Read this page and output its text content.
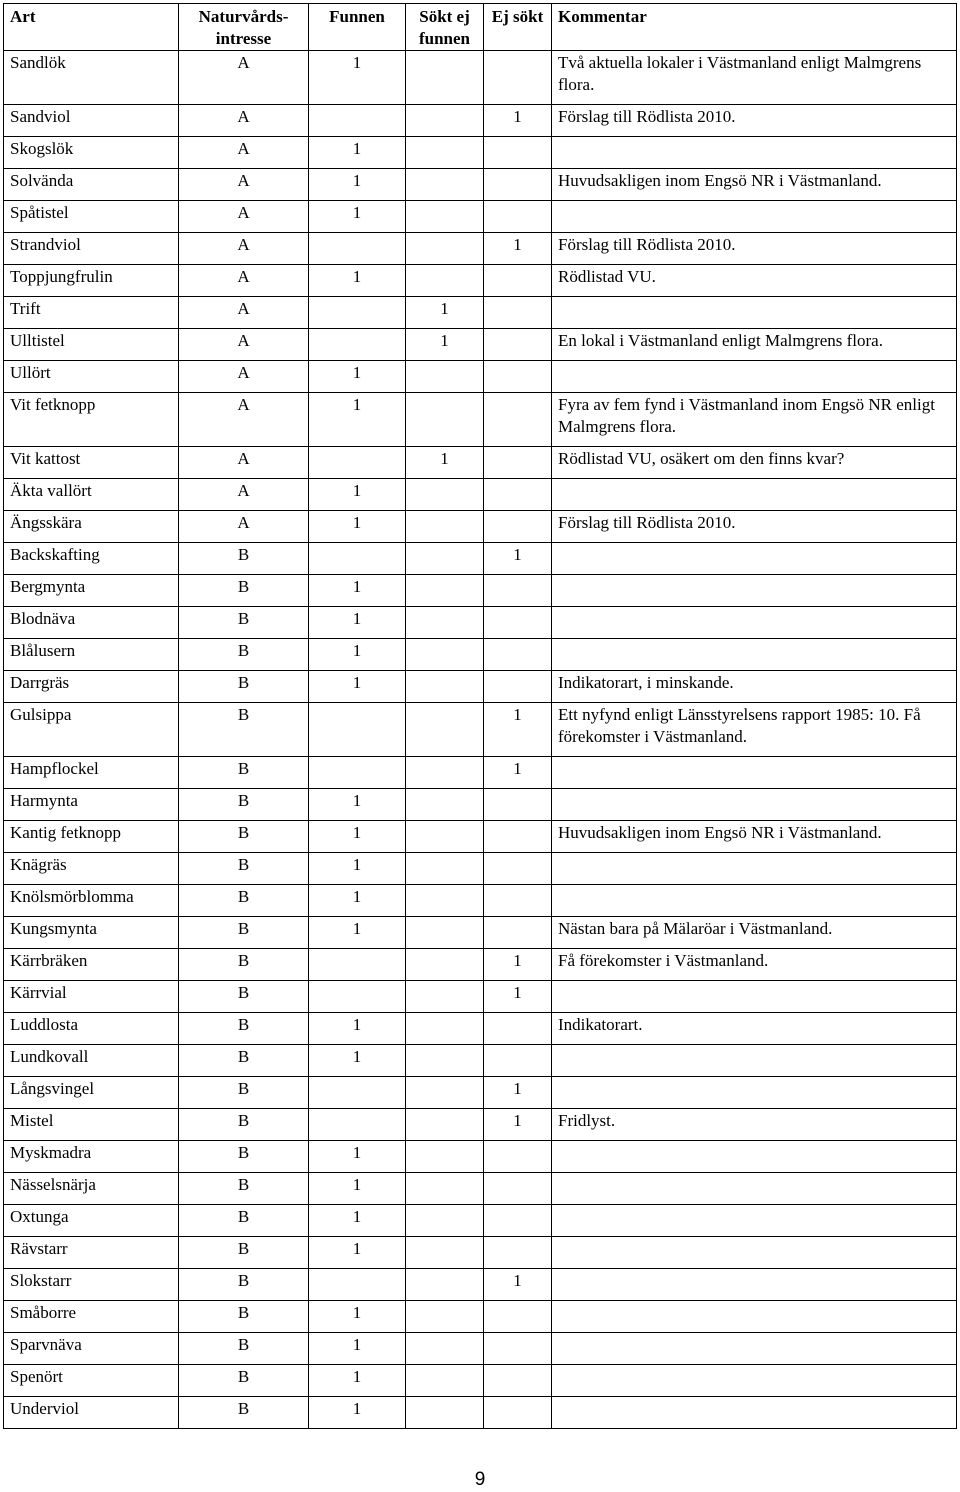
Art	Naturvårds-intresse	Funnen	Sökt ej funnen	Ej sökt	Kommentar
Sandlök	A	1			Två aktuella lokaler i Västmanland enligt Malmgrens flora.
Sandviol	A			1	Förslag till Rödlista 2010.
Skogslök	A	1			
Solvända	A	1			Huvudsakligen inom Engsö NR i Västmanland.
Spåtistel	A	1			
Strandviol	A			1	Förslag till Rödlista 2010.
Toppjungfrulin	A	1			Rödlistad VU.
Trift	A		1		
Ulltistel	A		1		En lokal i Västmanland enligt Malmgrens flora.
Ullört	A	1			
Vit fetknopp	A	1			Fyra av fem fynd i Västmanland inom Engsö NR enligt Malmgrens flora.
Vit kattost	A		1		Rödlistad VU, osäkert om den finns kvar?
Äkta vallört	A	1			
Ängsskära	A	1			Förslag till Rödlista 2010.
Backskafting	B			1	
Bergmynta	B	1			
Blodnäva	B	1			
Blålusern	B	1			
Darrgräs	B	1			Indikatorart, i minskande.
Gulsippa	B			1	Ett nyfynd enligt Länsstyrelsens rapport 1985: 10. Få förekomster i Västmanland.
Hampflockel	B			1	
Harmynta	B	1			
Kantig fetknopp	B	1			Huvudsakligen inom Engsö NR i Västmanland.
Knägräs	B	1			
Knölsmörblomma	B	1			
Kungsmynta	B	1			Nästan bara på Mälaröar i Västmanland.
Kärrbräken	B			1	Få förekomster i Västmanland.
Kärrvial	B			1	
Luddlosta	B	1			Indikatorart.
Lundkovall	B	1			
Långsvingel	B			1	
Mistel	B			1	Fridlyst.
Myskmadra	B	1			
Nässelsnärja	B	1			
Oxtunga	B	1			
Rävstarr	B	1			
Slokstarr	B			1	
Småborre	B	1			
Sparvnäva	B	1			
Spenört	B	1			
Underviol	B	1			
9
